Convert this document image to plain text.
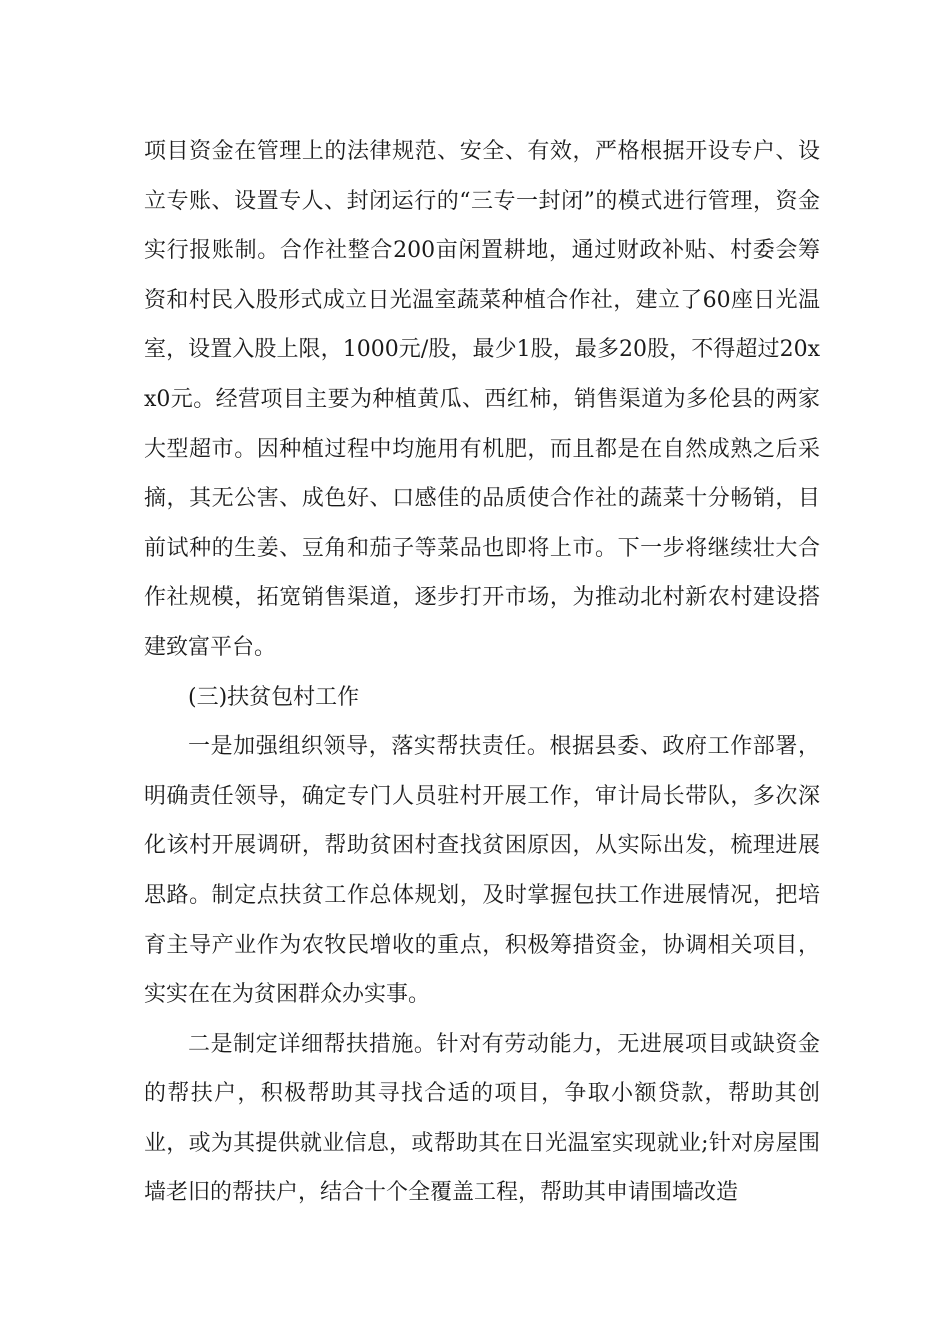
项目资金在管理上的法律规范、安全、有效，严格根据开设专户、设立专账、设置专人、封闭运行的“三专一封闭”的模式进行管理，资金实行报账制。合作社整合200亩闲置耕地，通过财政补贴、村委会筹资和村民入股形式成立日光温室蔬菜种植合作社，建立了60座日光温室，设置入股上限，1000元/股，最少1股，最多20股，不得超过20xx0元。经营项目主要为种植黄瓜、西红柿，销售渠道为多伦县的两家大型超市。因种植过程中均施用有机肥，而且都是在自然成熟之后采摘，其无公害、成色好、口感佳的品质使合作社的蔬菜十分畅销，目前试种的生姜、豆角和茄子等菜品也即将上市。下一步将继续壮大合作社规模，拓宽销售渠道，逐步打开市场，为推动北村新农村建设搭建致富平台。

(三)扶贫包村工作

一是加强组织领导，落实帮扶责任。根据县委、政府工作部署，明确责任领导，确定专门人员驻村开展工作，审计局长带队，多次深化该村开展调研，帮助贫困村查找贫困原因，从实际出发，梳理进展思路。制定点扶贫工作总体规划，及时掌握包扶工作进展情况，把培育主导产业作为农牧民增收的重点，积极筹措资金，协调相关项目，实实在在为贫困群众办实事。

二是制定详细帮扶措施。针对有劳动能力，无进展项目或缺资金的帮扶户，积极帮助其寻找合适的项目，争取小额贷款，帮助其创业，或为其提供就业信息，或帮助其在日光温室实现就业;针对房屋围墙老旧的帮扶户，结合十个全覆盖工程，帮助其申请围墙改造
